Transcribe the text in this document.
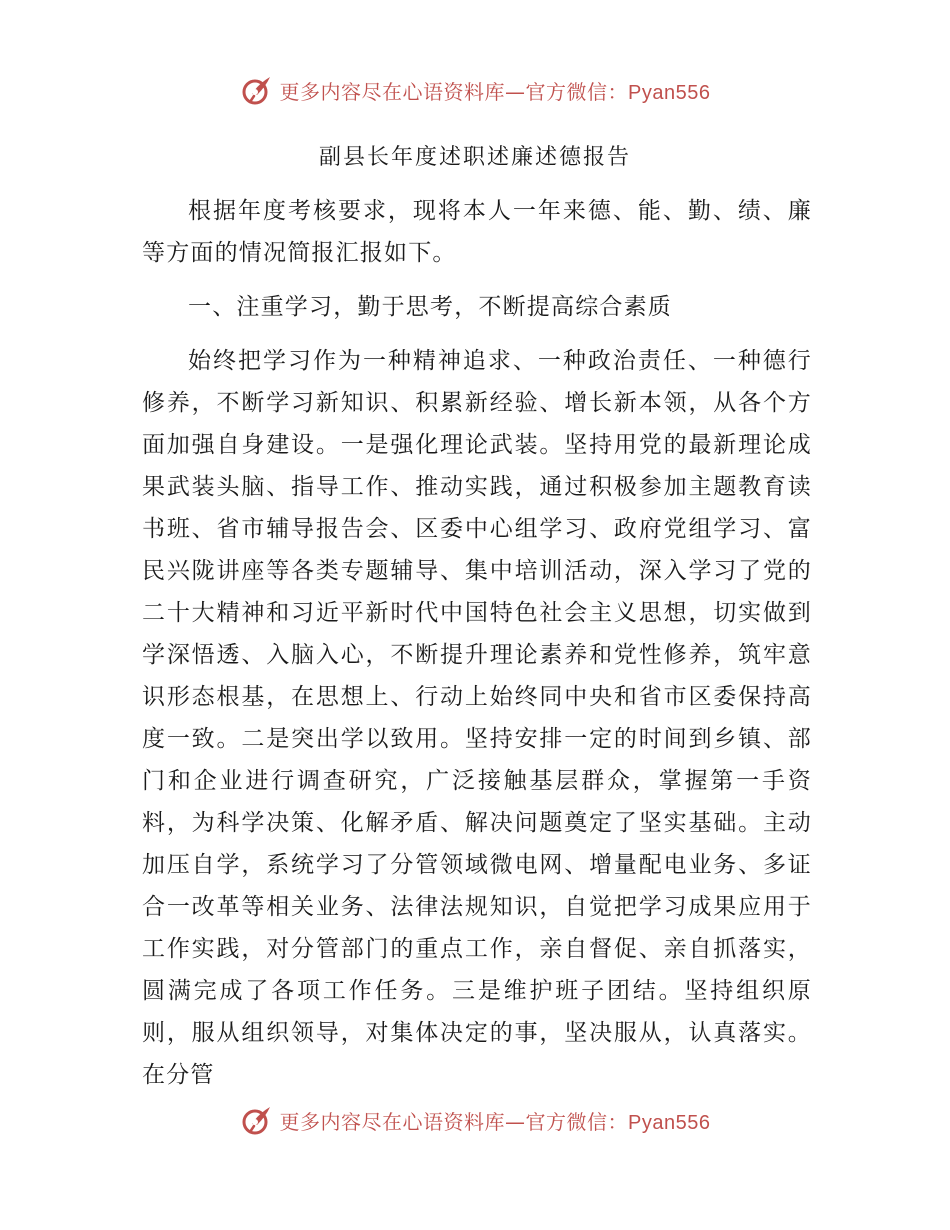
更多内容尽在心语资料库—官方微信：Pyan556
副县长年度述职述廉述德报告

根据年度考核要求，现将本人一年来德、能、勤、绩、廉等方面的情况简报汇报如下。

一、注重学习，勤于思考，不断提高综合素质

始终把学习作为一种精神追求、一种政治责任、一种德行修养，不断学习新知识、积累新经验、增长新本领，从各个方面加强自身建设。一是强化理论武装。坚持用党的最新理论成果武装头脑、指导工作、推动实践，通过积极参加主题教育读书班、省市辅导报告会、区委中心组学习、政府党组学习、富民兴陇讲座等各类专题辅导、集中培训活动，深入学习了党的二十大精神和习近平新时代中国特色社会主义思想，切实做到学深悟透、入脑入心，不断提升理论素养和党性修养，筑牢意识形态根基，在思想上、行动上始终同中央和省市区委保持高度一致。二是突出学以致用。坚持安排一定的时间到乡镇、部门和企业进行调查研究，广泛接触基层群众，掌握第一手资料，为科学决策、化解矛盾、解决问题奠定了坚实基础。主动加压自学，系统学习了分管领域微电网、增量配电业务、多证合一改革等相关业务、法律法规知识，自觉把学习成果应用于工作实践，对分管部门的重点工作，亲自督促、亲自抓落实，圆满完成了各项工作任务。三是维护班子团结。坚持组织原则，服从组织领导，对集体决定的事，坚决服从，认真落实。在分管

更多内容尽在心语资料库—官方微信：Pyan556
